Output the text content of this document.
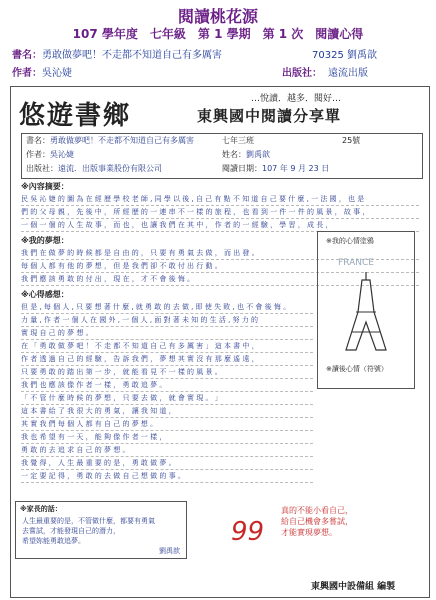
閱讀桃花源
107 學年度　七年級　第 1 學期　第 1 次　閱讀心得
書名：勇敢做夢吧！不走都不知道自己有多厲害	70325 劉禹歆
作者：吳沁婕	出版社： 遠流出版
悠遊書鄉
…悅讀．越多．閱好…
東興國中閱讀分享單
書名：勇敢做夢吧！不走都不知道自己有多厲害	七年三班	25號
作者：吳沁婕	姓名：劉禹歆
出版社：遠流．出版事業股份有限公司	閱讀日期：107 年 9 月 23 日
※內容摘要：
民 吳 沁 婕 的 圖 為 在 經 歷 學 校 老 師 , 同 學 以 後 , 自 己 有 點 不 知 道 自 己 要 什 麼 , 一 法 國 ， 也 是
們 的 父 母 親 ， 先 後 中 ， 所 經 歷 的 一 連 串 不 一 樣 的 旅 程 ， 也 看 到 一 件 一 件 的 風 景 ， 故 事 ，
一 個 一 個 的 人 生 故 事 ， 而 也 ， 也 讓 我 們 在 其 中 ， 作 者 的 一 經 驗 ， 學 習 ， 成 長 ，
※我的夢想：
我 們 在 做 夢 的 時 候 都 是 自 由 的 ， 只 要 有 勇 氣 去 做 ， 而 出 發 。
每 個 人 都 有 他 的 夢 想 ， 但 是 我 們 卻 不 敢 付 出 行 動 。
我 們 應 該 勇 敢 的 付 出 ， 現 在 ， 才 不 會 後 悔 。
※心得感想：
但 是 , 每 個 人 , 只 要 想 著 什 麼 , 就 勇 敢 的 去 做 , 即 使 失 敗 , 也 不 會 後 悔 。
力 量 , 作 者 一 個 人 在 國 外 , 一 個 人 , 面 對 著 未 知 的 生 活 , 努 力 的
實 現 自 己 的 夢 想 。
在 「 勇 敢 做 夢 吧 ！ 不 走 都 不 知 道 自 己 有 多 厲 害 」 這 本 書 中 ，
作 者 透 過 自 己 的 經 驗 ， 告 訴 我 們 ， 夢 想 其 實 沒 有 那 麼 遙 遠 ，
只 要 勇 敢 的 踏 出 第 一 步 ， 就 能 看 見 不 一 樣 的 風 景 。
我 們 也 應 該 像 作 者 一 樣 ， 勇 敢 追 夢 。
「 不 管 什 麼 時 候 的 夢 想 ， 只 要 去 做 ， 就 會 實 現 。 」
這 本 書 給 了 我 很 大 的 勇 氣 ， 讓 我 知 道 ，
其 實 我 們 每 個 人 都 有 自 己 的 夢 想 。
我 也 希 望 有 一 天 ， 能 夠 像 作 者 一 樣 ，
勇 敢 的 去 追 求 自 己 的 夢 想 。
我 覺 得 ， 人 生 最 重 要 的 是 ， 勇 敢 做 夢 。
一 定 要 記 得 ， 勇 敢 的 去 做 自 己 想 做 的 事 。
※我的心情塗鴉
FRANCE
※讀後心情（符號）
※家長的話：
人生最重要的是，不管做什麼，都要有勇氣
去嘗試，才能發現自己的潛力，
希望妳能勇敢追夢。
劉禹歆
99
真的不能小看自己，
給自己機會多嘗試，
才能實現夢想。
東興國中設備組 編製
